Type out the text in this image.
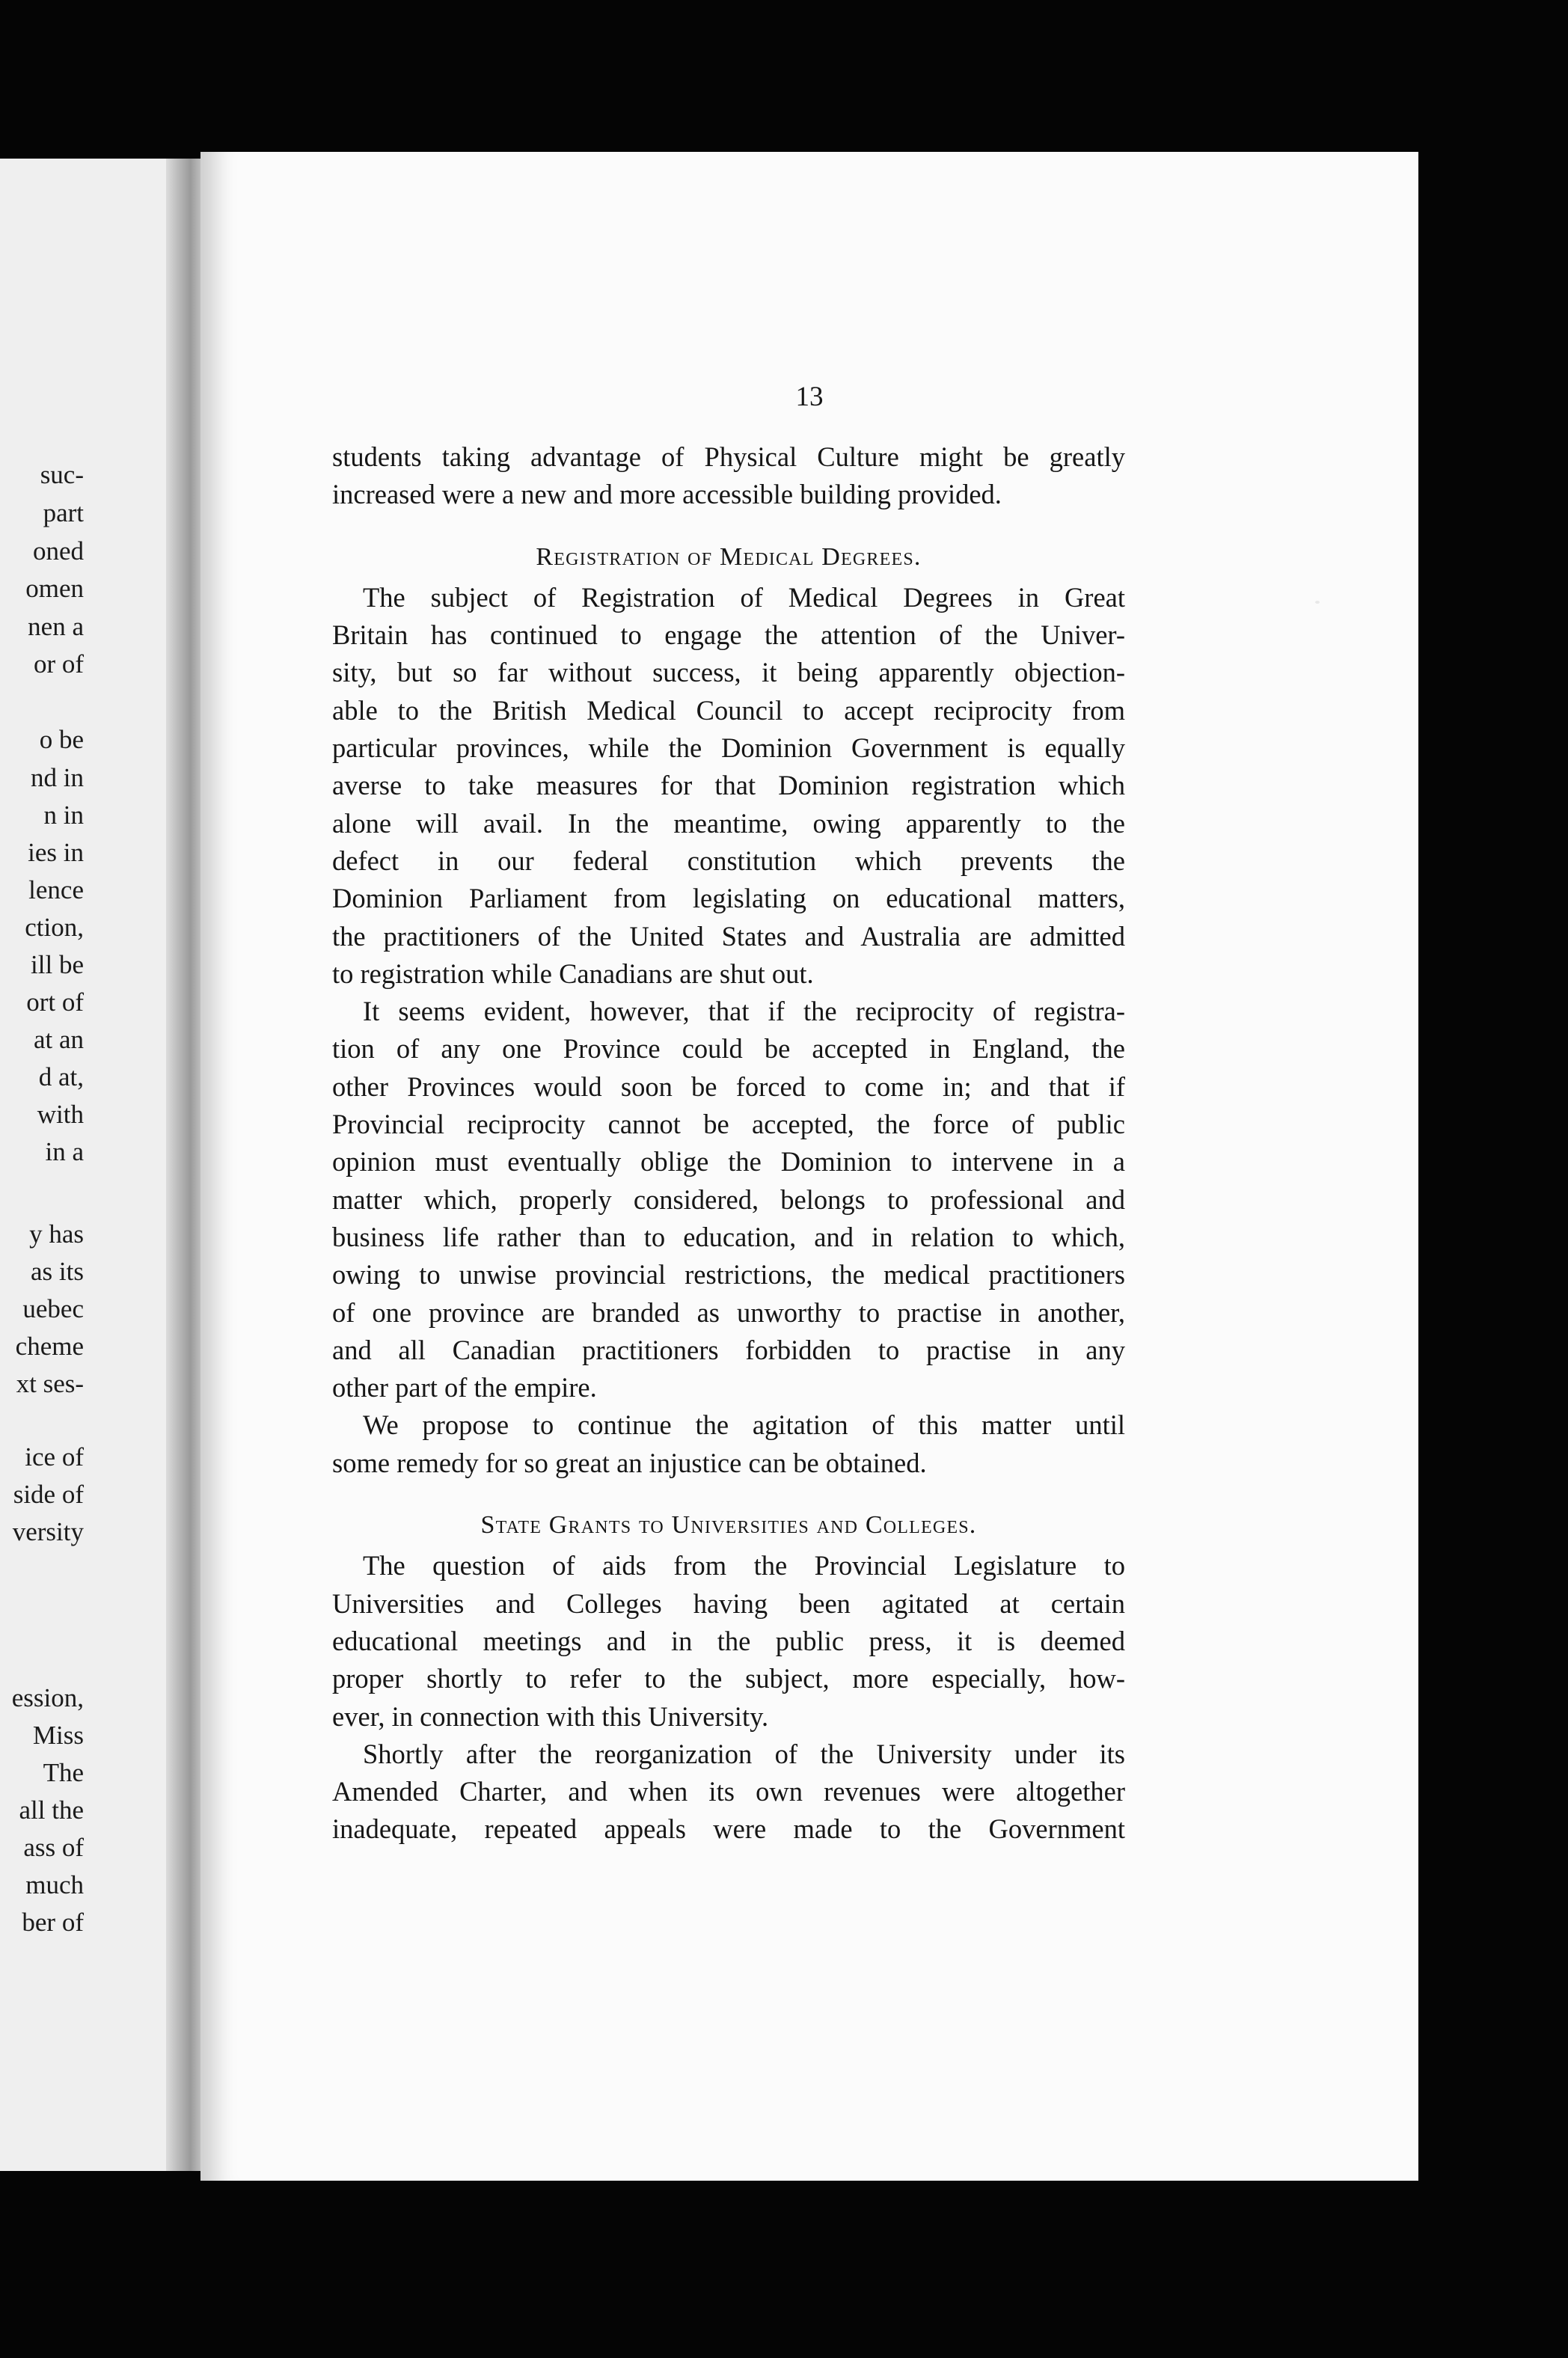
suc-
part
oned
omen
nen a
or of
o be
nd in
n in
ies in
lence
ction,
ill be
ort of
at an
d at,
with
in a
y has
as its
uebec
cheme
xt ses-
ice of
side of
versity
ession,
Miss
The
all the
ass of
much
ber of
13
students taking advantage of Physical Culture might be greatly
increased were a new and more accessible building provided.
Registration of Medical Degrees.
The subject of Registration of Medical Degrees in Great
Britain has continued to engage the attention of the Univer-
sity, but so far without success, it being apparently objection-
able to the British Medical Council to accept reciprocity from
particular provinces, while the Dominion Government is equally
averse to take measures for that Dominion registration which
alone will avail. In the meantime, owing apparently to the
defect in our federal constitution which prevents the
Dominion Parliament from legislating on educational matters,
the practitioners of the United States and Australia are admitted
to registration while Canadians are shut out.
It seems evident, however, that if the reciprocity of registra-
tion of any one Province could be accepted in England, the
other Provinces would soon be forced to come in; and that if
Provincial reciprocity cannot be accepted, the force of public
opinion must eventually oblige the Dominion to intervene in a
matter which, properly considered, belongs to professional and
business life rather than to education, and in relation to which,
owing to unwise provincial restrictions, the medical practitioners
of one province are branded as unworthy to practise in another,
and all Canadian practitioners forbidden to practise in any
other part of the empire.
We propose to continue the agitation of this matter until
some remedy for so great an injustice can be obtained.
State Grants to Universities and Colleges.
The question of aids from the Provincial Legislature to
Universities and Colleges having been agitated at certain
educational meetings and in the public press, it is deemed
proper shortly to refer to the subject, more especially, how-
ever, in connection with this University.
Shortly after the reorganization of the University under its
Amended Charter, and when its own revenues were altogether
inadequate, repeated appeals were made to the Government
